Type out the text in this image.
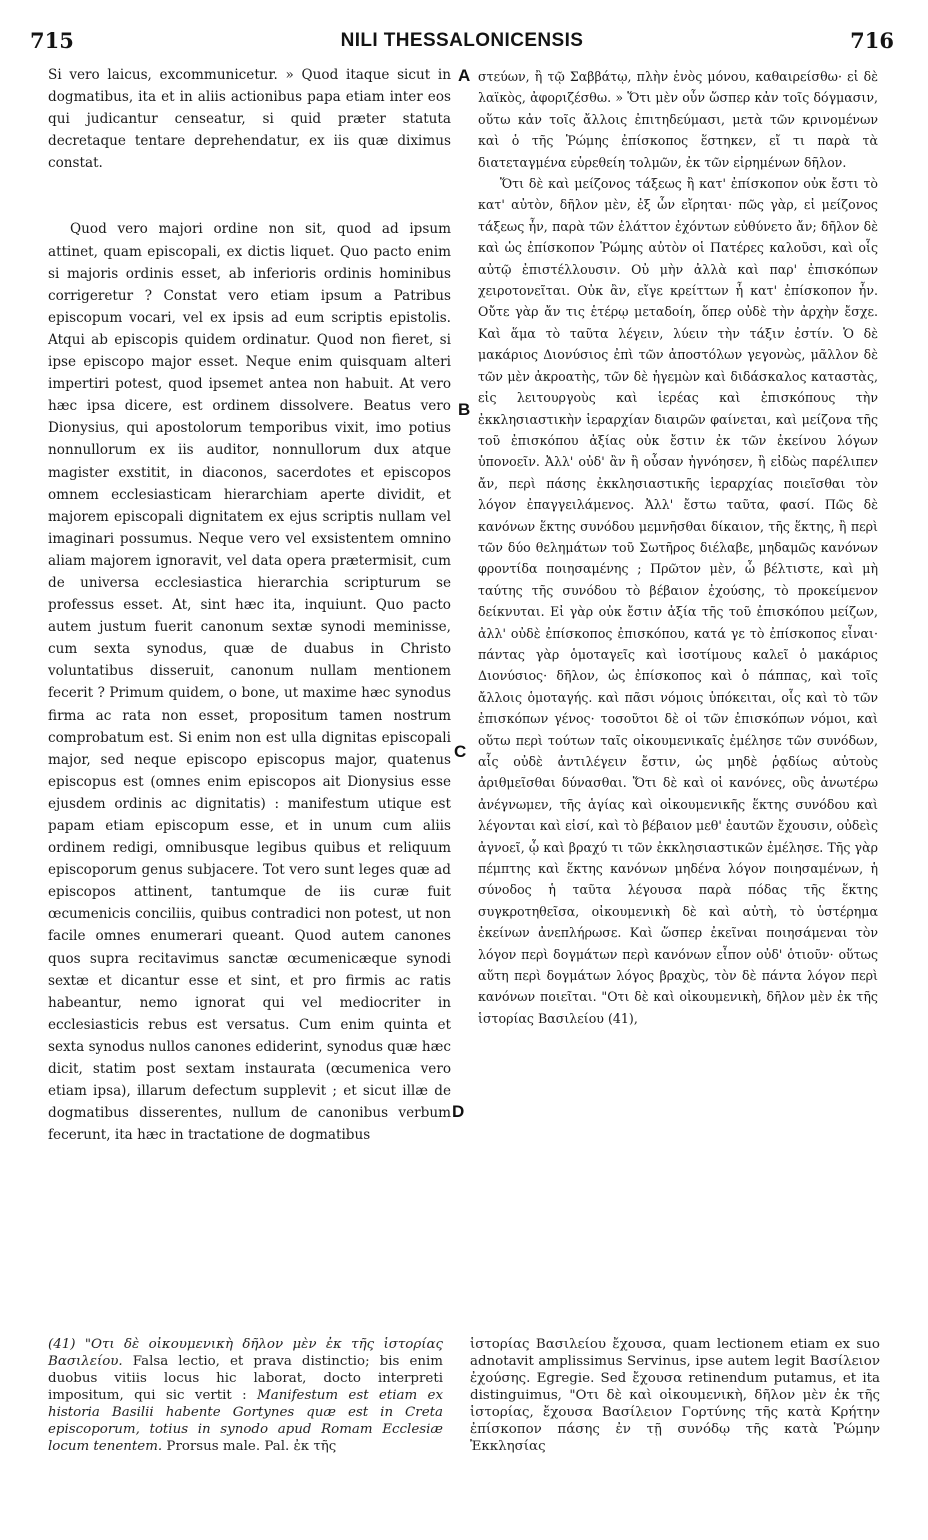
715	NILI THESSALONICENSIS	716

Si vero laicus, excommunicetur. » Quod itaque sicut in dogmatibus, ita et in aliis actionibus papa etiam inter eos qui judicantur censeatur, si quid præter statuta decretaque tentare deprehendatur, ex iis quæ diximus constat.

Quod vero majori ordine non sit, quod ad ipsum attinet, quam episcopali, ex dictis liquet. Quo pacto enim si majoris ordinis esset, ab inferioris ordinis hominibus corrigeretur ? Constat vero etiam ipsum a Patribus episcopum vocari, vel ex ipsis ad eum scriptis epistolis. Atqui ab episcopis quidem ordinatur. Quod non fieret, si ipse episcopo major esset. Neque enim quisquam alteri impertiri potest, quod ipsemet antea non habuit. At vero hæc ipsa dicere, est ordinem dissolvere. Beatus vero Dionysius, qui apostolorum temporibus vixit, imo potius nonnullorum ex iis auditor, nonnullorum dux atque magister exstitit, in diaconos, sacerdotes et episcopos omnem ecclesiasticam hierarchiam aperte dividit, et majorem episcopali dignitatem ex ejus scriptis nullam vel imaginari possumus. Neque vero vel exsistentem omnino aliam majorem ignoravit, vel data opera prætermisit, cum de universa ecclesiastica hierarchia scripturum se professus esset. At, sint hæc ita, inquiunt. Quo pacto autem justum fuerit canonum sextæ synodi meminisse, cum sexta synodus, quæ de duabus in Christo voluntatibus disseruit, canonum nullam mentionem fecerit ? Primum quidem, o bone, ut maxime hæc synodus firma ac rata non esset, propositum tamen nostrum comprobatum est. Si enim non est ulla dignitas episcopali major, sed neque episcopo episcopus major, quatenus episcopus est (omnes enim episcopos ait Dionysius esse ejusdem ordinis ac dignitatis) : manifestum utique est papam etiam episcopum esse, et in unum cum aliis ordinem redigi, omnibusque legibus quibus et reliquum episcoporum genus subjacere. Tot vero sunt leges quæ ad episcopos attinent, tantumque de iis curæ fuit œcumenicis conciliis, quibus contradici non potest, ut non facile omnes enumerari queant. Quod autem canones quos supra recitavimus sanctæ œcumenicæque synodi sextæ et dicantur esse et sint, et pro firmis ac ratis habeantur, nemo ignorat qui vel mediocriter in ecclesiasticis rebus est versatus. Cum enim quinta et sexta synodus nullos canones ediderint, synodus quæ hæc dicit, statim post sextam instaurata (œcumenica vero etiam ipsa), illarum defectum supplevit ; et sicut illæ de dogmatibus disserentes, nullum de canonibus verbum fecerunt, ita hæc in tractatione de dogmatibus

A
B
C
D

στεύων, ἢ τῷ Σαββάτῳ, πλὴν ἑνὸς μόνου, καθαιρείσθω· εἰ δὲ λαϊκὸς, ἀφοριζέσθω. » Ὅτι μὲν οὖν ὥσπερ κἀν τοῖς δόγμασιν, οὕτω κἀν τοῖς ἄλλοις ἐπιτηδεύμασι, μετὰ τῶν κρινομένων καὶ ὁ τῆς Ῥώμης ἐπίσκοπος ἕστηκεν, εἴ τι παρὰ τὰ διατεταγμένα εὑρεθείη τολμῶν, ἐκ τῶν εἰρημένων δῆλον.

Ὅτι δὲ καὶ μείζονος τάξεως ἢ κατ' ἐπίσκοπον οὐκ ἔστι τὸ κατ' αὐτὸν, δῆλον μὲν, ἐξ ὧν εἴρηται· πῶς γὰρ, εἰ μείζονος τάξεως ἦν, παρὰ τῶν ἐλάττον ἐχόντων εὐθύνετο ἄν; δῆλον δὲ καὶ ὡς ἐπίσκοπον Ῥώμης αὐτὸν οἱ Πατέρες καλοῦσι, καὶ οἷς αὐτῷ ἐπιστέλλουσιν. Οὐ μὴν ἀλλὰ καὶ παρ' ἐπισκόπων χειροτονεῖται. Οὐκ ἂν, εἴγε κρείττων ἦ κατ' ἐπίσκοπον ἦν. Οὔτε γὰρ ἄν τις ἑτέρῳ μεταδοίη, ὅπερ οὐδὲ τὴν ἀρχὴν ἔσχε. Καὶ ἅμα τὸ ταῦτα λέγειν, λύειν τὴν τάξιν ἐστίν. Ὁ δὲ μακάριος Διονύσιος ἐπὶ τῶν ἀποστόλων γεγονὼς, μᾶλλον δὲ τῶν μὲν ἀκροατὴς, τῶν δὲ ἡγεμὼν καὶ διδάσκαλος καταστὰς, εἰς λειτουργοὺς καὶ ἱερέας καὶ ἐπισκόπους τὴν ἐκκλησιαστικὴν ἱεραρχίαν διαιρῶν φαίνεται, καὶ μείζονα τῆς τοῦ ἐπισκόπου ἀξίας οὐκ ἔστιν ἐκ τῶν ἐκείνου λόγων ὑπονοεῖν. Ἀλλ' οὐδ' ἂν ἢ οὖσαν ἠγνόησεν, ἢ εἰδὼς παρέλιπεν ἄν, περὶ πάσης ἐκκλησιαστικῆς ἱεραρχίας ποιεῖσθαι τὸν λόγον ἐπαγγειλάμενος. Ἀλλ' ἔστω ταῦτα, φασί. Πῶς δὲ κανόνων ἕκτης συνόδου μεμνῆσθαι δίκαιον, τῆς ἕκτης, ἢ περὶ τῶν δύο θελημάτων τοῦ Σωτῆρος διέλαβε, μηδαμῶς κανόνων φροντίδα ποιησαμένης ; Πρῶτον μὲν, ὦ βέλτιστε, καὶ μὴ ταύτης τῆς συνόδου τὸ βέβαιον ἐχούσης, τὸ προκείμενον δείκνυται. Εἰ γὰρ οὐκ ἔστιν ἀξία τῆς τοῦ ἐπισκόπου μείζων, ἀλλ' οὐδὲ ἐπίσκοπος ἐπισκόπου, κατά γε τὸ ἐπίσκοπος εἶναι· πάντας γὰρ ὁμοταγεῖς καὶ ἰσοτίμους καλεῖ ὁ μακάριος Διονύσιος· δῆλον, ὡς ἐπίσκοπος καὶ ὁ πάππας, καὶ τοῖς ἄλλοις ὁμοταγής. καὶ πᾶσι νόμοις ὑπόκειται, οἷς καὶ τὸ τῶν ἐπισκόπων γένος· τοσοῦτοι δὲ οἱ τῶν ἐπισκόπων νόμοι, καὶ οὕτω περὶ τούτων ταῖς οἰκουμενικαῖς ἐμέλησε τῶν συνόδων, αἷς οὐδὲ ἀντιλέγειν ἔστιν, ὡς μηδὲ ῥᾳδίως αὐτοὺς ἀριθμεῖσθαι δύνασθαι. Ὅτι δὲ καὶ οἱ κανόνες, οὓς ἀνωτέρω ἀνέγνωμεν, τῆς ἁγίας καὶ οἰκουμενικῆς ἕκτης συνόδου καὶ λέγονται καὶ εἰσί, καὶ τὸ βέβαιον μεθ' ἑαυτῶν ἔχουσιν, οὐδεὶς ἀγνοεῖ, ᾧ καὶ βραχύ τι τῶν ἐκκλησιαστικῶν ἐμέλησε. Τῆς γὰρ πέμπτης καὶ ἕκτης κανόνων μηδένα λόγον ποιησαμένων, ἡ σύνοδος ἡ ταῦτα λέγουσα παρὰ πόδας τῆς ἕκτης συγκροτηθεῖσα, οἰκουμενικὴ δὲ καὶ αὐτὴ, τὸ ὑστέρημα ἐκείνων ἀνεπλήρωσε. Καὶ ὥσπερ ἐκεῖναι ποιησάμεναι τὸν λόγον περὶ δογμάτων περὶ κανόνων εἶπον οὐδ' ὁτιοῦν· οὕτως αὕτη περὶ δογμάτων λόγος βραχὺς, τὸν δὲ πάντα λόγον περὶ κανόνων ποιεῖται. "Οτι δὲ καὶ οἰκουμενικὴ, δῆλον μὲν ἐκ τῆς ἱστορίας Βασιλείου (41),

(41) "Οτι δὲ οἰκουμενικὴ δῆλον μὲν ἐκ τῆς ἱστορίας Βασιλείου. Falsa lectio, et prava distinctio; bis enim duobus vitiis locus hic laborat, docto interpreti impositum, qui sic vertit : Manifestum est etiam ex historia Basilii habente Gortynes quæ est in Creta episcoporum, totius in synodo apud Romam Ecclesiæ locum tenentem. Prorsus male. Pal. ἐκ τῆς

ἱστορίας Βασιλείου ἔχουσα, quam lectionem etiam ex suo adnotavit amplissimus Servinus, ipse autem legit Βασίλειον ἐχούσης. Egregie. Sed ἔχουσα retinendum putamus, et ita distinguimus, "Οτι δὲ καὶ οἰκουμενικὴ, δῆλον μὲν ἐκ τῆς ἱστορίας, ἔχουσα Βασίλειον Γορτύνης τῆς κατὰ Κρήτην ἐπίσκοπον πάσης ἐν τῇ συνόδῳ τῆς κατὰ Ῥώμην Ἐκκλησίας
